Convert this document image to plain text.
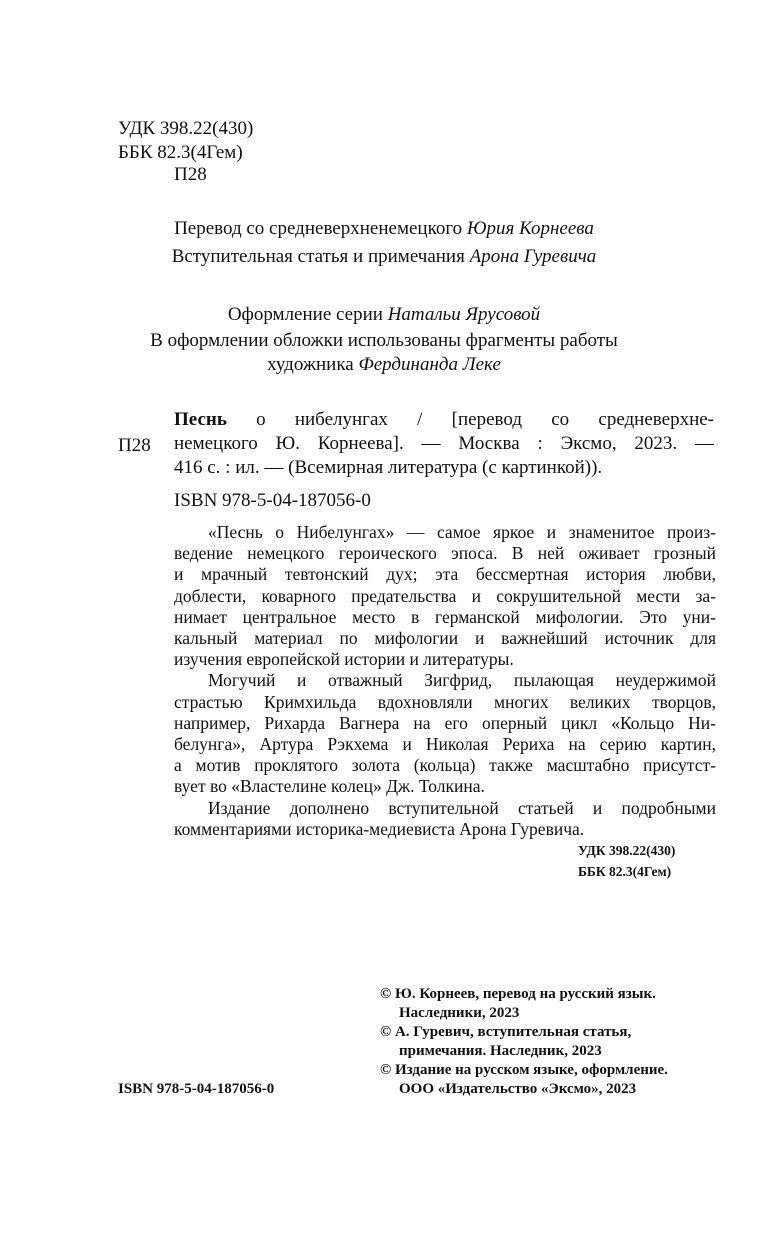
УДК 398.22(430)
ББК 82.3(4Гем)
П28
Перевод со средневерхненемецкого Юрия Корнеева
Вступительная статья и примечания Арона Гуревича
Оформление серии Натальи Ярусовой
В оформлении обложки использованы фрагменты работы
художника Фердинанда Леке
П28
Песнь о нибелунгах / [перевод со средневерхне-
немецкого Ю. Корнеева]. — Москва : Эксмо, 2023. —
416 с. : ил. — (Всемирная литература (с картинкой)).
ISBN 978-5-04-187056-0
«Песнь о Нибелунгах» — самое яркое и знаменитое произ-
ведение немецкого героического эпоса. В ней оживает грозный
и мрачный тевтонский дух; эта бессмертная история любви,
доблести, коварного предательства и сокрушительной мести за-
нимает центральное место в германской мифологии. Это уни-
кальный материал по мифологии и важнейший источник для
изучения европейской истории и литературы.
Могучий и отважный Зигфрид, пылающая неудержимой
страстью Кримхильда вдохновляли многих великих творцов,
например, Рихарда Вагнера на его оперный цикл «Кольцо Ни-
белунга», Артура Рэкхема и Николая Рериха на серию картин,
а мотив проклятого золота (кольца) также масштабно присутст-
вует во «Властелине колец» Дж. Толкина.
Издание дополнено вступительной статьей и подробными
комментариями историка-медиевиста Арона Гуревича.
УДК 398.22(430)
ББК 82.3(4Гем)
© Ю. Корнеев, перевод на русский язык.
Наследники, 2023
© А. Гуревич, вступительная статья,
примечания. Наследник, 2023
© Издание на русском языке, оформление.
ООО «Издательство «Эксмо», 2023
ISBN 978-5-04-187056-0
